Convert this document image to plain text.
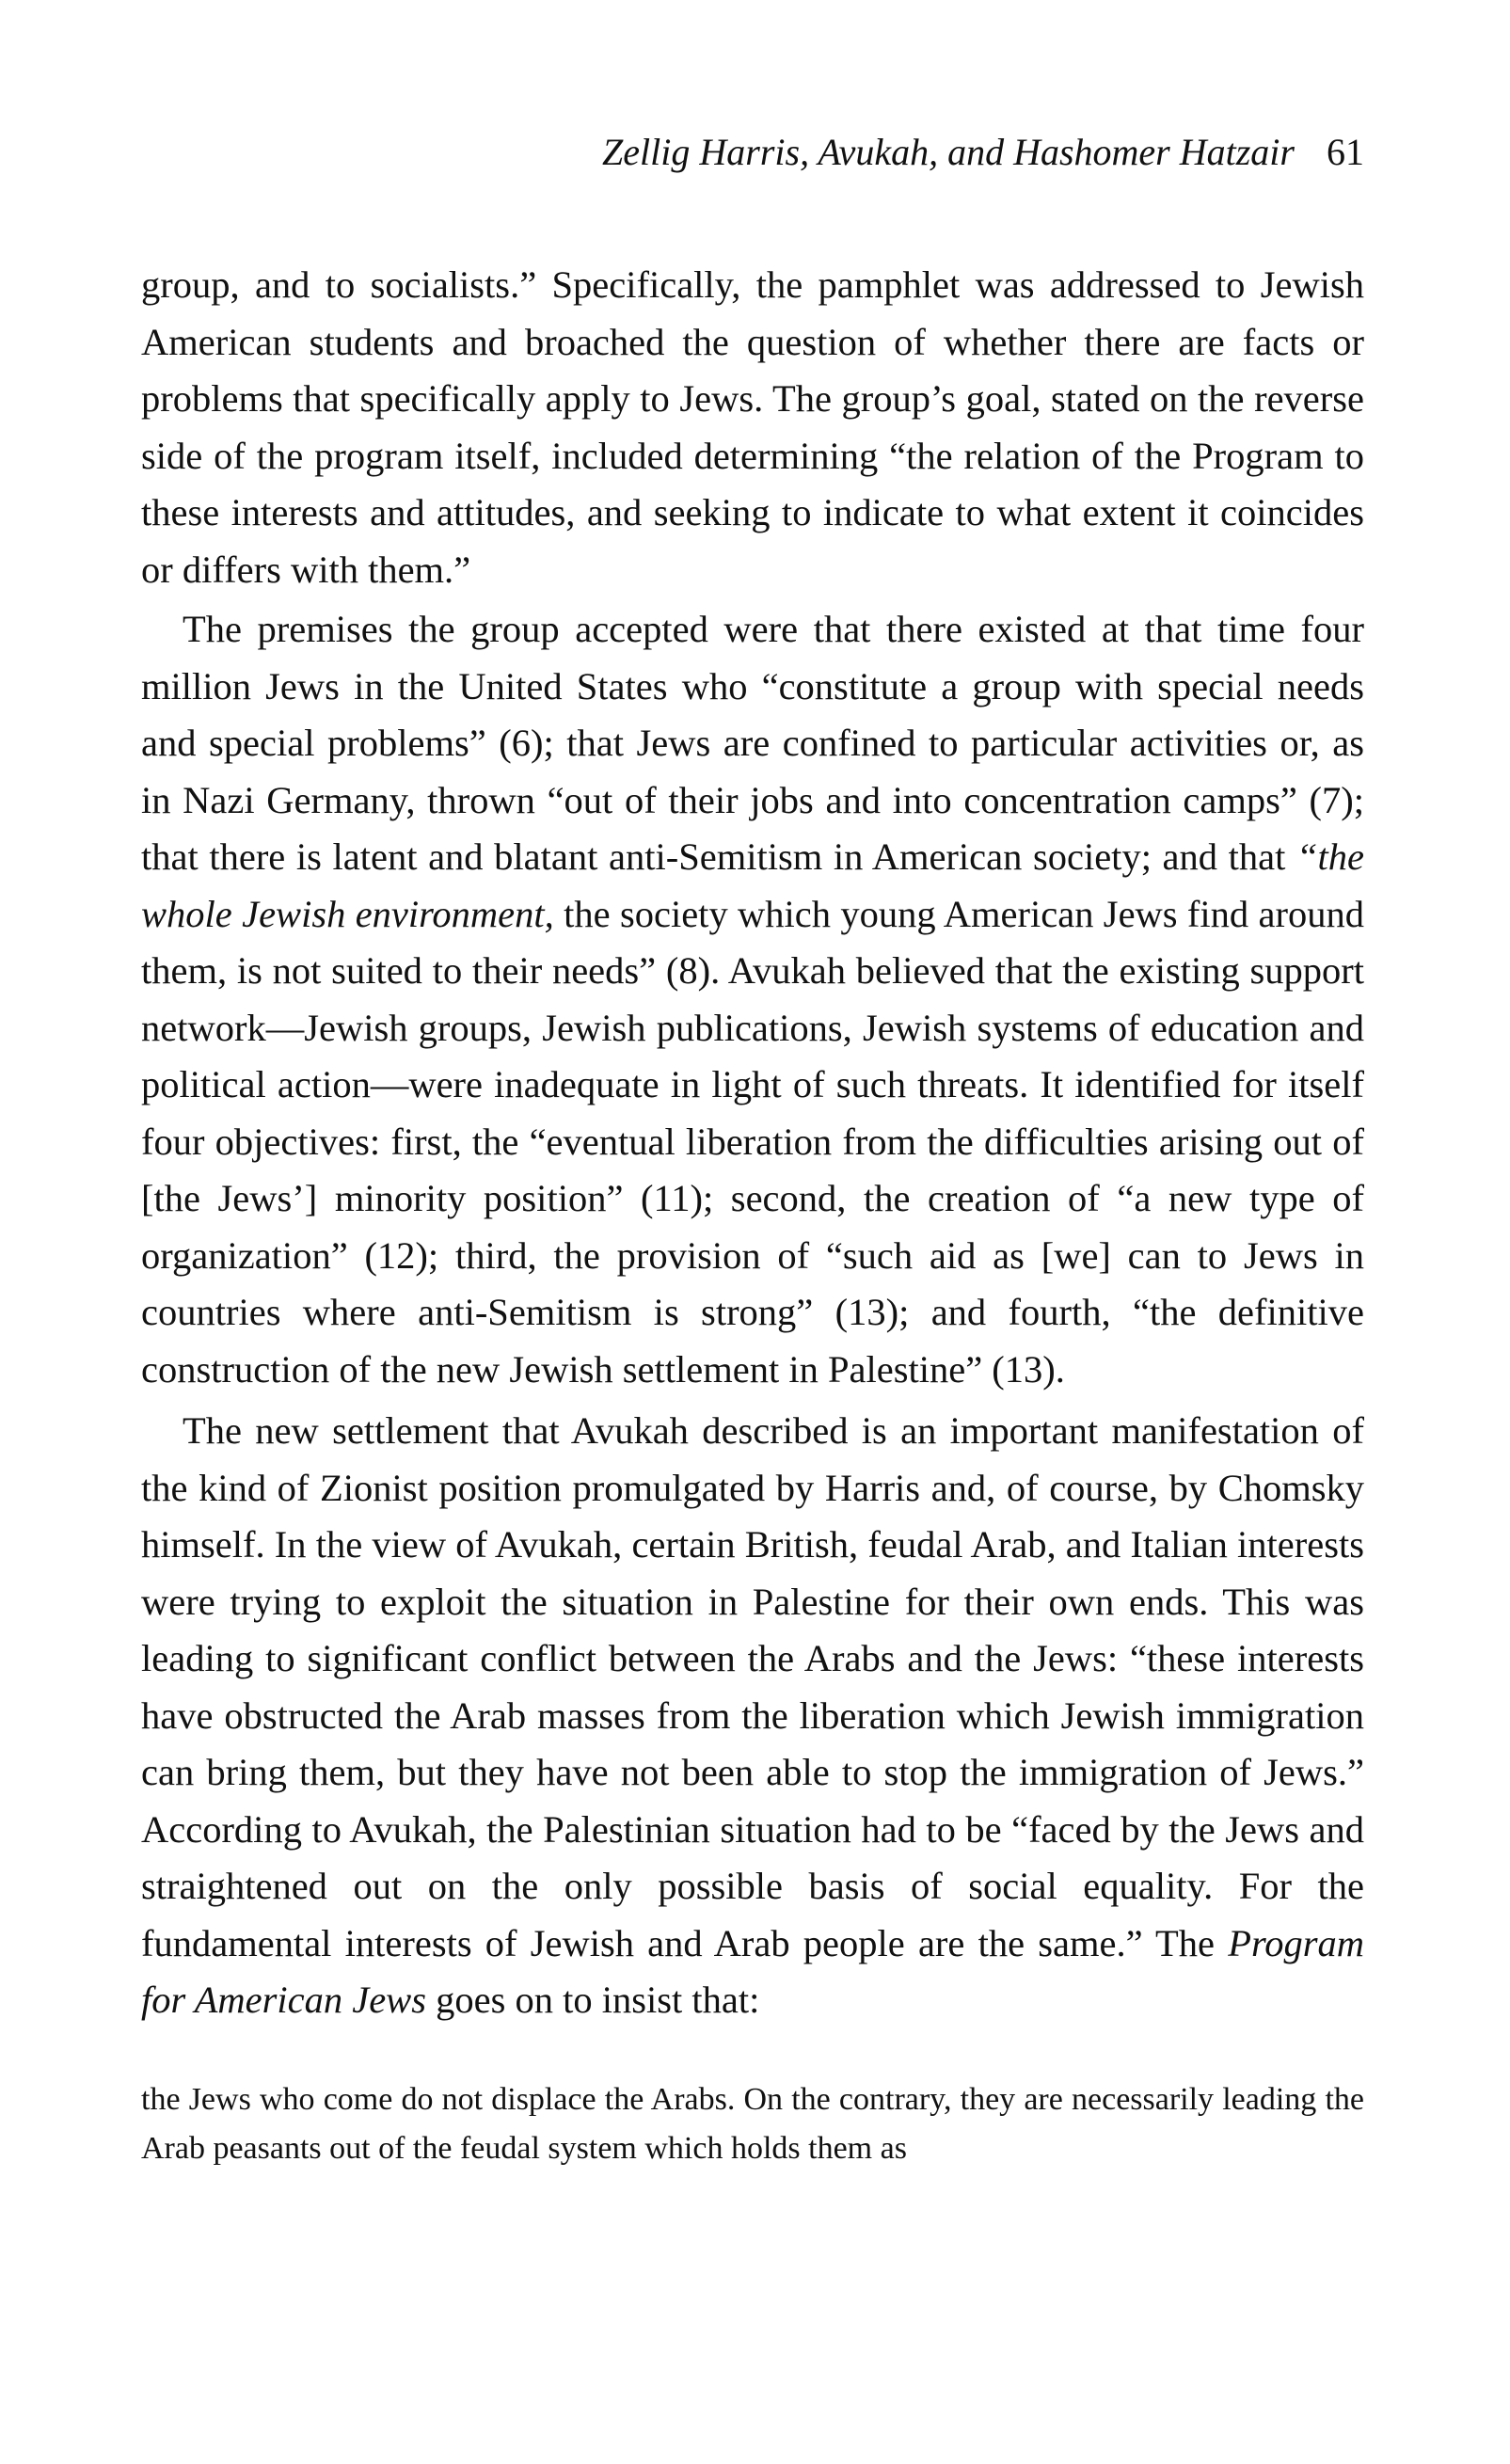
Zellig Harris, Avukah, and Hashomer Hatzair 61

group, and to socialists.” Specifically, the pamphlet was addressed to Jewish American students and broached the question of whether there are facts or problems that specifically apply to Jews. The group’s goal, stated on the reverse side of the program itself, included determining “the relation of the Program to these interests and attitudes, and seeking to indicate to what extent it coincides or differs with them.”

The premises the group accepted were that there existed at that time four million Jews in the United States who “constitute a group with special needs and special problems” (6); that Jews are confined to particular activities or, as in Nazi Germany, thrown “out of their jobs and into concentration camps” (7); that there is latent and blatant anti-Semitism in American society; and that “the whole Jewish environment, the society which young American Jews find around them, is not suited to their needs” (8). Avukah believed that the existing support network—Jewish groups, Jewish publications, Jewish systems of education and political action—were inadequate in light of such threats. It identified for itself four objectives: first, the “eventual liberation from the difficulties arising out of [the Jews’] minority position” (11); second, the creation of “a new type of organization” (12); third, the provision of “such aid as [we] can to Jews in countries where anti-Semitism is strong” (13); and fourth, “the definitive construction of the new Jewish settlement in Palestine” (13).

The new settlement that Avukah described is an important manifestation of the kind of Zionist position promulgated by Harris and, of course, by Chomsky himself. In the view of Avukah, certain British, feudal Arab, and Italian interests were trying to exploit the situation in Palestine for their own ends. This was leading to significant conflict between the Arabs and the Jews: “these interests have obstructed the Arab masses from the liberation which Jewish immigration can bring them, but they have not been able to stop the immigration of Jews.” According to Avukah, the Palestinian situation had to be “faced by the Jews and straightened out on the only possible basis of social equality. For the fundamental interests of Jewish and Arab people are the same.” The Program for American Jews goes on to insist that:

the Jews who come do not displace the Arabs. On the contrary, they are necessarily leading the Arab peasants out of the feudal system which holds them as
